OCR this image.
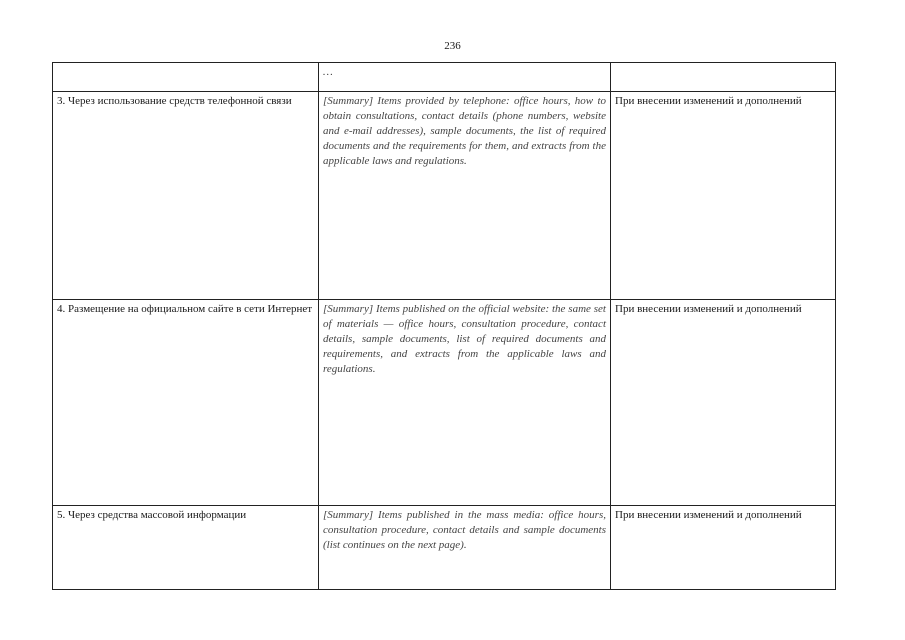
236
	…	
3. Через использование средств телефонной связи	[Summary] Items provided by telephone: office hours, how to obtain consultations, contact details (phone numbers, website and e-mail addresses), sample documents, the list of required documents and the requirements for them, and extracts from the applicable laws and regulations.	При внесении изменений и дополнений
4. Размещение на официальном сайте в сети Интернет	[Summary] Items published on the official website: the same set of materials — office hours, consultation procedure, contact details, sample documents, list of required documents and requirements, and extracts from the applicable laws and regulations.	При внесении изменений и дополнений
5. Через средства массовой информации	[Summary] Items published in the mass media: office hours, consultation procedure, contact details and sample documents (list continues on the next page).	При внесении изменений и дополнений
